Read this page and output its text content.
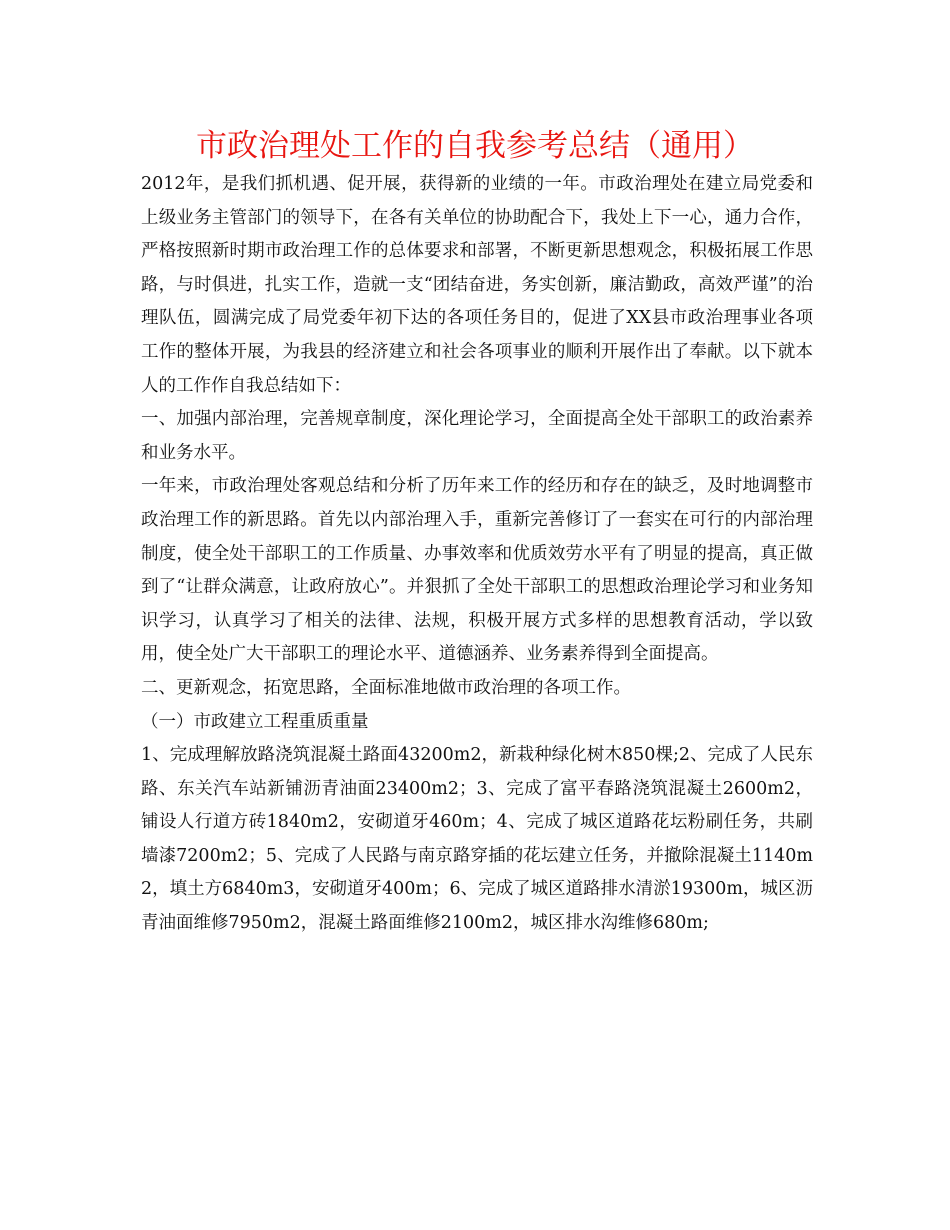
市政治理处工作的自我参考总结（通用）

2012年，是我们抓机遇、促开展，获得新的业绩的一年。市政治理处在建立局党委和上级业务主管部门的领导下，在各有关单位的协助配合下，我处上下一心，通力合作，严格按照新时期市政治理工作的总体要求和部署，不断更新思想观念，积极拓展工作思路，与时俱进，扎实工作，造就一支“团结奋进，务实创新，廉洁勤政，高效严谨”的治理队伍，圆满完成了局党委年初下达的各项任务目的，促进了XX县市政治理事业各项工作的整体开展，为我县的经济建立和社会各项事业的顺利开展作出了奉献。以下就本人的工作作自我总结如下：

一、加强内部治理，完善规章制度，深化理论学习，全面提高全处干部职工的政治素养和业务水平。

一年来，市政治理处客观总结和分析了历年来工作的经历和存在的缺乏，及时地调整市政治理工作的新思路。首先以内部治理入手，重新完善修订了一套实在可行的内部治理制度，使全处干部职工的工作质量、办事效率和优质效劳水平有了明显的提高，真正做到了“让群众满意，让政府放心”。并狠抓了全处干部职工的思想政治理论学习和业务知识学习，认真学习了相关的法律、法规，积极开展方式多样的思想教育活动，学以致用，使全处广大干部职工的理论水平、道德涵养、业务素养得到全面提高。

二、更新观念，拓宽思路，全面标准地做市政治理的各项工作。

（一）市政建立工程重质重量

1、完成理解放路浇筑混凝土路面43200m2，新栽种绿化树木850棵;2、完成了人民东路、东关汽车站新铺沥青油面23400m2；3、完成了富平春路浇筑混凝土2600m2，铺设人行道方砖1840m2，安砌道牙460m；4、完成了城区道路花坛粉刷任务，共刷墙漆7200m2；5、完成了人民路与南京路穿插的花坛建立任务，并撤除混凝土1140m2，填土方6840m3，安砌道牙400m；6、完成了城区道路排水清淤19300m，城区沥青油面维修7950m2，混凝土路面维修2100m2，城区排水沟维修680m;
